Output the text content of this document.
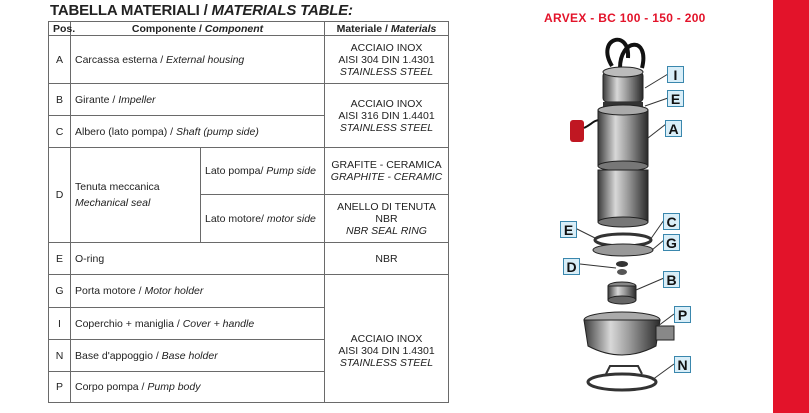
TABELLA MATERIALI / MATERIALS TABLE:
Pos.	Componente / Component		Materiale / Materials
A	Carcassa esterna / External housing		ACCIAIO INOX
AISI 304 DIN 1.4301
STAINLESS STEEL

B	Girante / Impeller		ACCIAIO INOX
AISI 316 DIN 1.4401
STAINLESS STEEL

C	Albero (lato pompa) / Shaft (pump side)		
D	Tenuta meccanica
Mechanical seal	Lato pompa/ Pump side	GRAFITE - CERAMICA
GRAPHITE - CERAMIC

		Lato motore/ motor side	ANELLO DI TENUTA NBR
NBR SEAL RING

E	O-ring		NBR
G	Porta motore / Motor holder		ACCIAIO INOX
AISI 304 DIN 1.4301
STAINLESS STEEL

I	Coperchio + maniglia / Cover + handle		
N	Base d'appoggio / Base holder		
P	Corpo pompa / Pump body		
ARVEX - BC 100 - 150 - 200
I
E
A
C
E
G
D
B
P
N
